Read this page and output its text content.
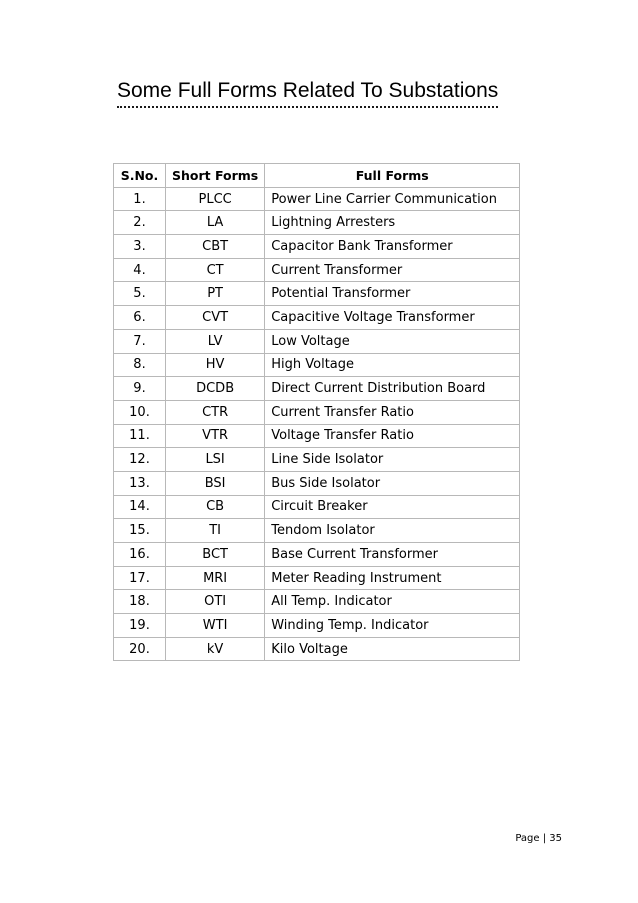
Some Full Forms Related To Substations
S.No.	Short Forms	Full Forms
1.	PLCC	Power Line Carrier Communication
2.	LA	Lightning Arresters
3.	CBT	Capacitor Bank Transformer
4.	CT	Current Transformer
5.	PT	Potential Transformer
6.	CVT	Capacitive Voltage Transformer
7.	LV	Low Voltage
8.	HV	High Voltage
9.	DCDB	Direct Current Distribution Board
10.	CTR	Current Transfer Ratio
11.	VTR	Voltage Transfer Ratio
12.	LSI	Line Side Isolator
13.	BSI	Bus Side Isolator
14.	CB	Circuit Breaker
15.	TI	Tendom Isolator
16.	BCT	Base Current Transformer
17.	MRI	Meter Reading Instrument
18.	OTI	All Temp. Indicator
19.	WTI	Winding Temp. Indicator
20.	kV	Kilo Voltage
Page | 35
